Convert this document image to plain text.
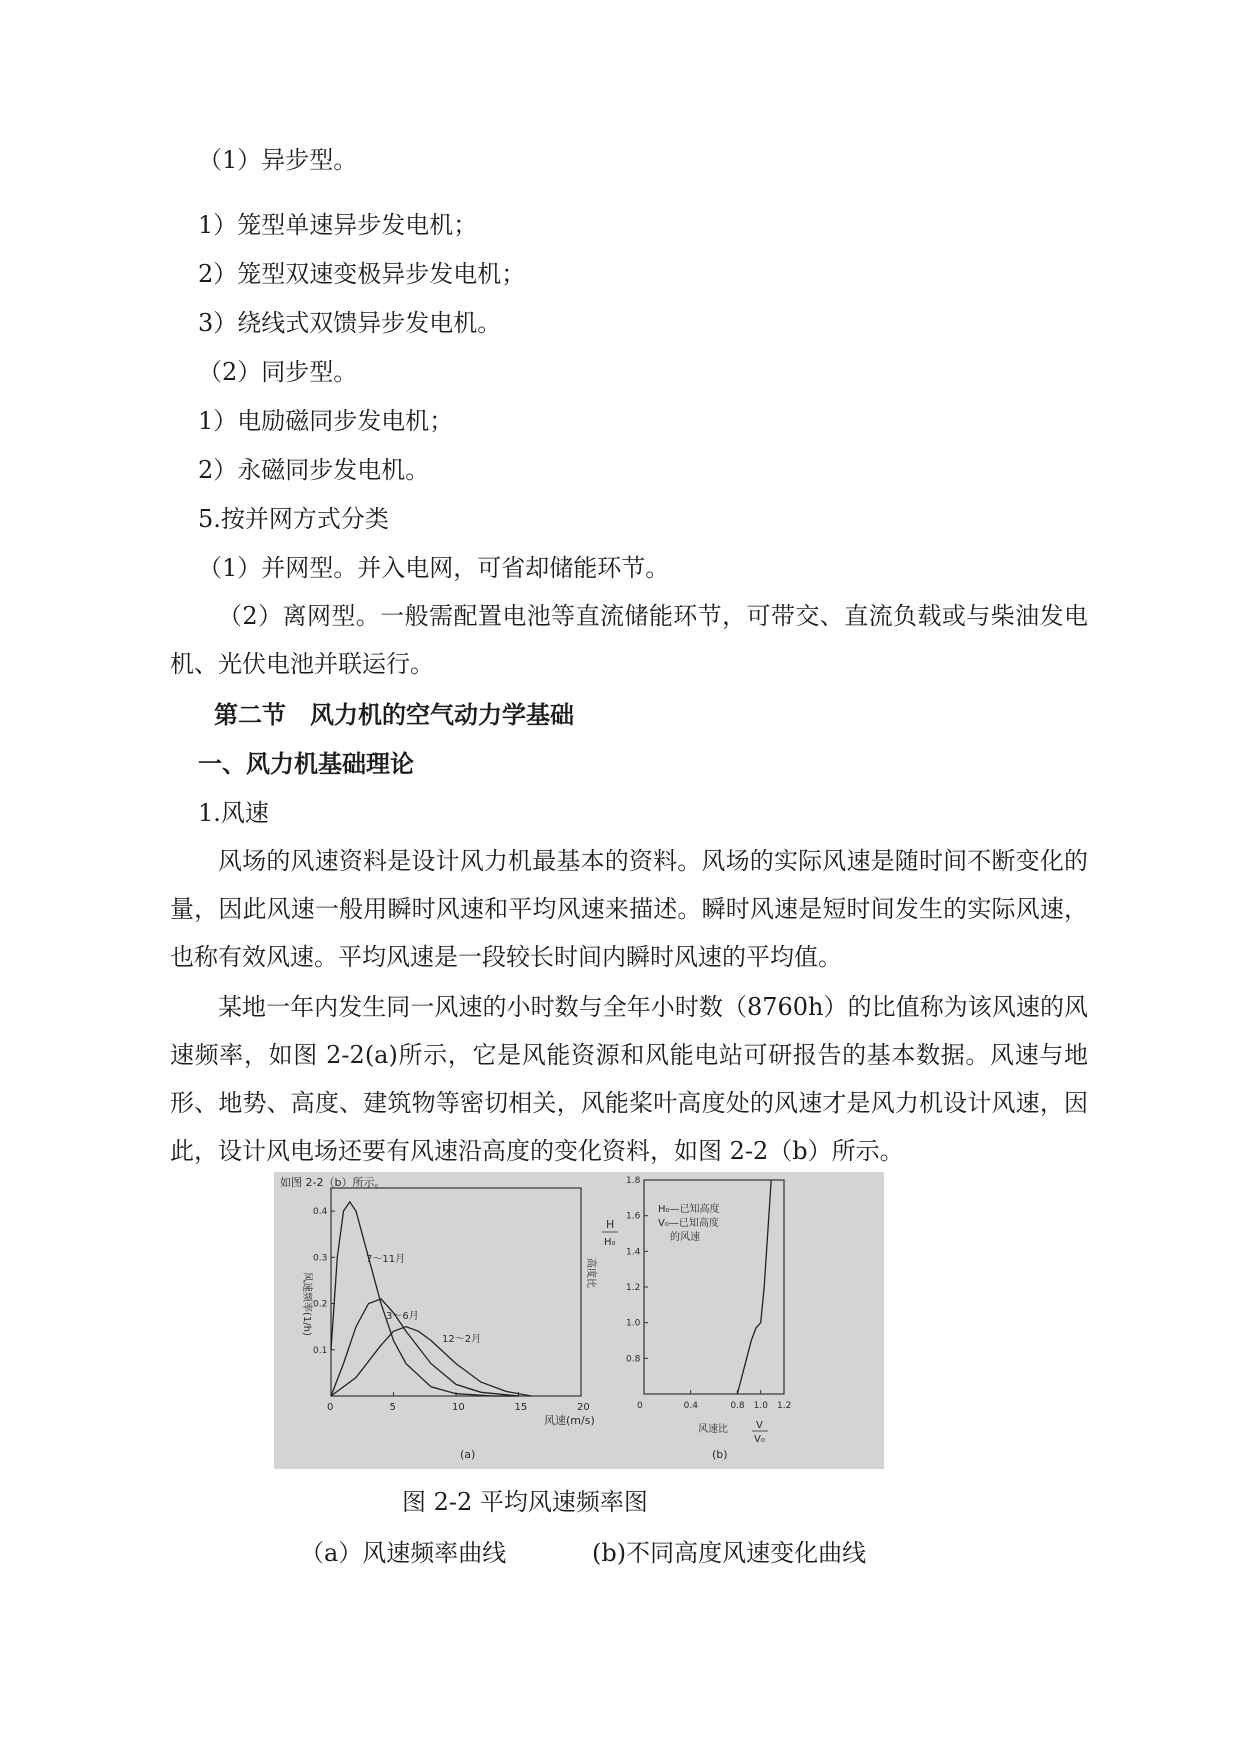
（1）异步型。

1）笼型单速异步发电机；

2）笼型双速变极异步发电机；

3）绕线式双馈异步发电机。

（2）同步型。

1）电励磁同步发电机；

2）永磁同步发电机。

5.按并网方式分类

（1）并网型。并入电网，可省却储能环节。

（2）离网型。一般需配置电池等直流储能环节，可带交、直流负载或与柴油发电机、光伏电池并联运行。

第二节　风力机的空气动力学基础

一、风力机基础理论

1.风速

风场的风速资料是设计风力机最基本的资料。风场的实际风速是随时间不断变化的量，因此风速一般用瞬时风速和平均风速来描述。瞬时风速是短时间发生的实际风速，也称有效风速。平均风速是一段较长时间内瞬时风速的平均值。

某地一年内发生同一风速的小时数与全年小时数（8760h）的比值称为该风速的风速频率，如图 2-2(a)所示，它是风能资源和风能电站可研报告的基本数据。风速与地形、地势、高度、建筑物等密切相关，风能桨叶高度处的风速才是风力机设计风速，因此，设计风电场还要有风速沿高度的变化资料，如图 2-2（b）所示。

如图 2-2（b）所示。
风速频率(1/h)
风速(m/s)
(a)
0	5	10	15	20
0.1
0.2
0.3
0.4
7～11月
3～6月
12～2月
高度比
H
H₀
风速比	V
V₀
(b)
H₀—已知高度
V₀—已知高度
的风速
0	0.4	0.8 1.0 1.2
0.8
1.0
1.2
1.4
1.6
1.8

图 2-2 平均风速频率图

（a）风速频率曲线	(b)不同高度风速变化曲线
